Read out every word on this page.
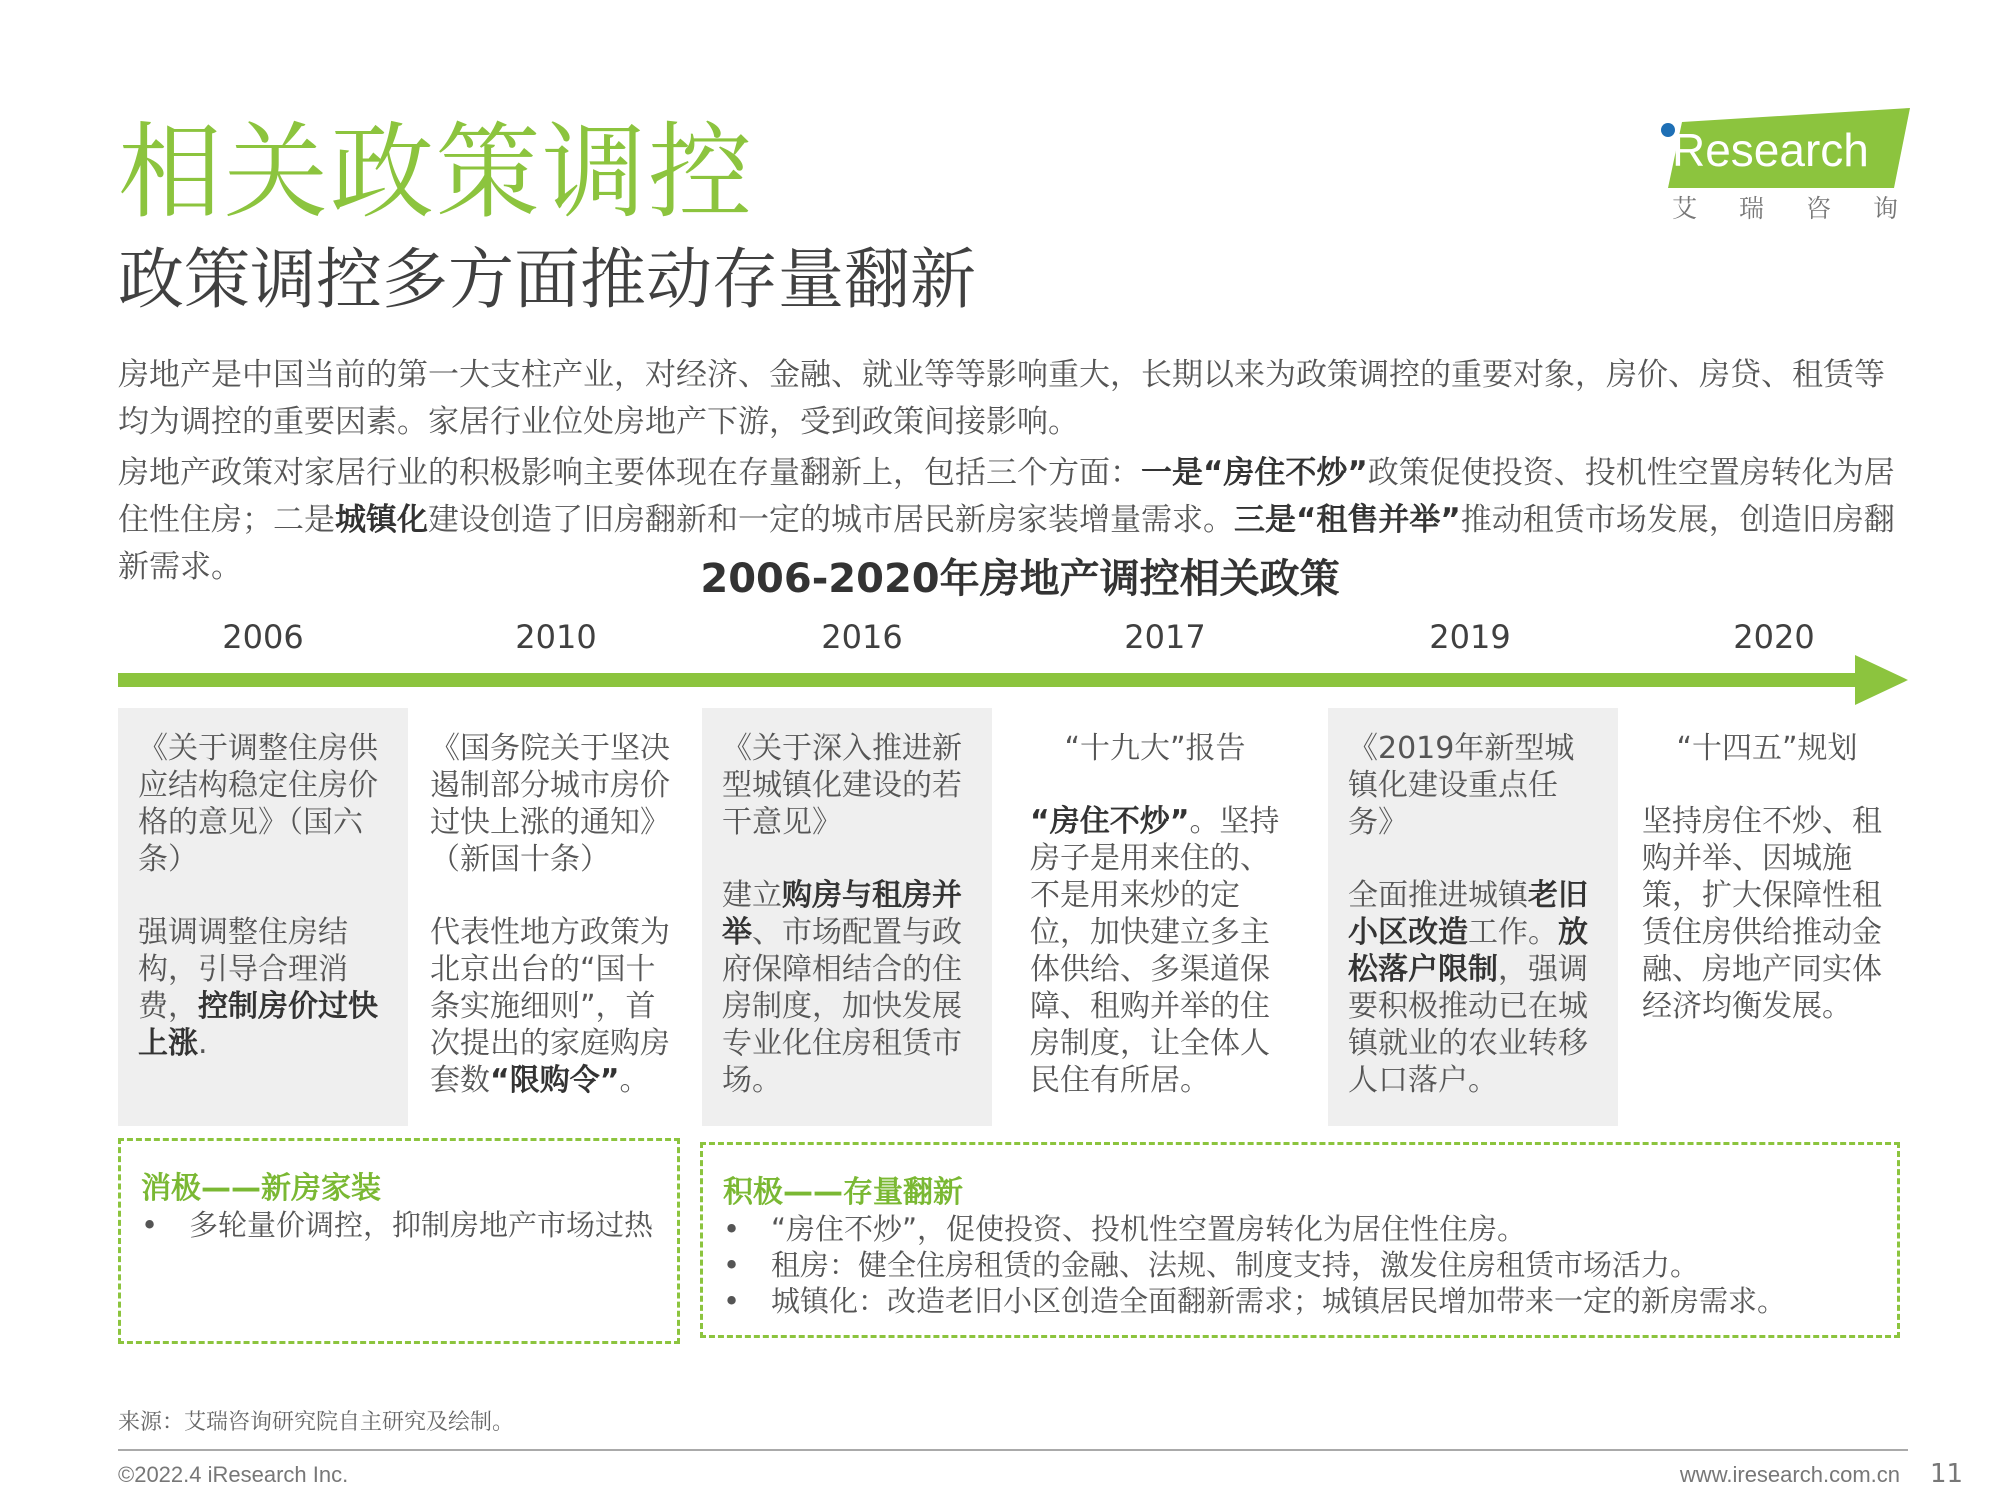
相关政策调控
政策调控多方面推动存量翻新
Research
艾瑞咨询

房地产是中国当前的第一大支柱产业，对经济、金融、就业等等影响重大，长期以来为政策调控的重要对象，房价、房贷、租赁等均为调控的重要因素。家居行业位处房地产下游，受到政策间接影响。

房地产政策对家居行业的积极影响主要体现在存量翻新上，包括三个方面：一是“房住不炒”政策促使投资、投机性空置房转化为居住性住房；二是城镇化建设创造了旧房翻新和一定的城市居民新房家装增量需求。三是“租售并举”推动租赁市场发展，创造旧房翻新需求。	2006-2020年房地产调控相关政策
2006	2010	2016	2017	2019	2020

《关于调整住房供应结构稳定住房价格的意见》（国六条）

强调调整住房结构，引导合理消费，控制房价过快上涨.

《国务院关于坚决遏制部分城市房价过快上涨的通知》（新国十条）

代表性地方政策为北京出台的“国十条实施细则”，首次提出的家庭购房套数“限购令”。

《关于深入推进新型城镇化建设的若干意见》

建立购房与租房并举、市场配置与政府保障相结合的住房制度，加快发展专业化住房租赁市场。

“十九大”报告

“房住不炒”。坚持房子是用来住的、不是用来炒的定位，加快建立多主体供给、多渠道保障、租购并举的住房制度，让全体人民住有所居。

《2019年新型城镇化建设重点任务》

全面推进城镇老旧小区改造工作。放松落户限制，强调要积极推动已在城镇就业的农业转移人口落户。

“十四五”规划

坚持房住不炒、租购并举、因城施策，扩大保障性租赁住房供给推动金融、房地产同实体经济均衡发展。

消极——新房家装

• 多轮量价调控，抑制房地产市场过热

积极——存量翻新

• “房住不炒”，促使投资、投机性空置房转化为居住性住房。
• 租房：健全住房租赁的金融、法规、制度支持，激发住房租赁市场活力。
• 城镇化：改造老旧小区创造全面翻新需求；城镇居民增加带来一定的新房需求。
来源：艾瑞咨询研究院自主研究及绘制。
©2022.4 iResearch Inc.	www.iresearch.com.cn 11
